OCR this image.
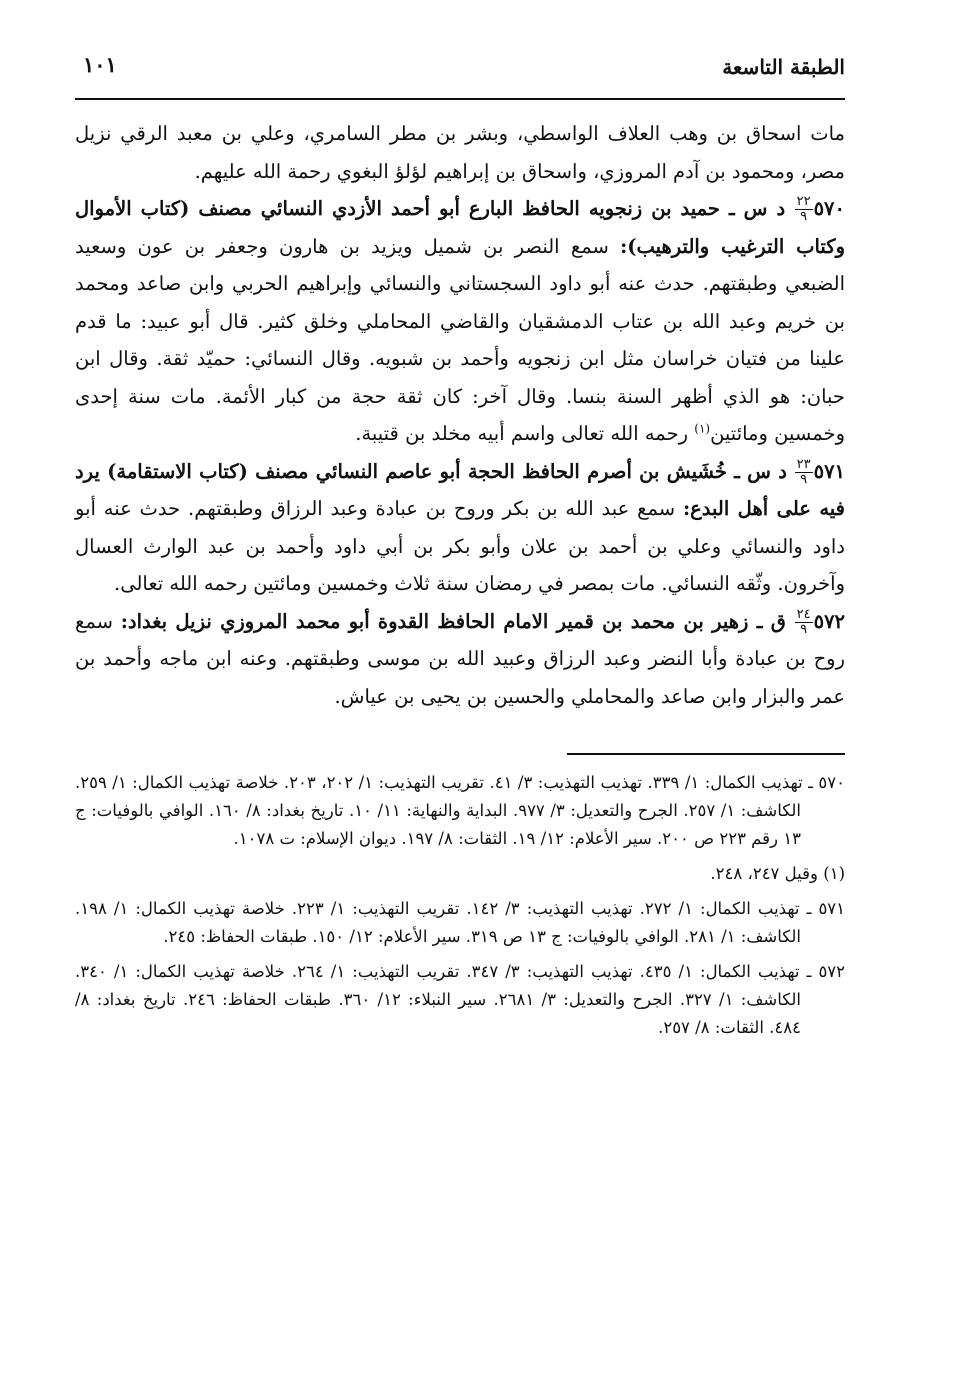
الطبقة التاسعة
١٠١

مات اسحاق بن وهب العلاف الواسطي، وبشر بن مطر السامري، وعلي بن معبد الرقي نزيل مصر، ومحمود بن آدم المروزي، واسحاق بن إبراهيم لؤلؤ البغوي رحمة الله عليهم.

٥٧٠
$\frac{٢٢}{٩}$
د س ـ حميد بن زنجويه الحافظ البارع أبو أحمد الأزدي النسائي مصنف (كتاب الأموال وكتاب الترغيب والترهيب): سمع النصر بن شميل ويزيد بن هارون وجعفر بن عون وسعيد الضبعي وطبقتهم. حدث عنه أبو داود السجستاني والنسائي وإبراهيم الحربي وابن صاعد ومحمد بن خريم وعبد الله بن عتاب الدمشقيان والقاضي المحاملي وخلق كثير. قال أبو عبيد: ما قدم علينا من فتيان خراسان مثل ابن زنجويه وأحمد بن شبويه. وقال النسائي: حميّد ثقة. وقال ابن حبان: هو الذي أظهر السنة بنسا. وقال آخر: كان ثقة حجة من كبار الأئمة. مات سنة إحدى وخمسين ومائتين$^{(١)}$ رحمه الله تعالى واسم أبيه مخلد بن قتيبة.

٥٧١
$\frac{٢٣}{٩}$
د س ـ خُشَيش بن أصرم الحافظ الحجة أبو عاصم النسائي مصنف (كتاب الاستقامة) يرد فيه على أهل البدع: سمع عبد الله بن بكر وروح بن عبادة وعبد الرزاق وطبقتهم. حدث عنه أبو داود والنسائي وعلي بن أحمد بن علان وأبو بكر بن أبي داود وأحمد بن عبد الوارث العسال وآخرون. وثّقه النسائي. مات بمصر في رمضان سنة ثلاث وخمسين ومائتين رحمه الله تعالى.

٥٧٢
$\frac{٢٤}{٩}$
ق ـ زهير بن محمد بن قمير الامام الحافظ القدوة أبو محمد المروزي نزيل بغداد: سمع روح بن عبادة وأبا النضر وعبد الرزاق وعبيد الله بن موسى وطبقتهم. وعنه ابن ماجه وأحمد بن عمر والبزار وابن صاعد والمحاملي والحسين بن يحيى بن عياش.

٥٧٠ ـ تهذيب الكمال: ١/ ٣٣٩. تهذيب التهذيب: ٣/ ٤١. تقريب التهذيب: ١/ ٢٠٢، ٢٠٣. خلاصة تهذيب الكمال: ١/ ٢٥٩. الكاشف: ١/ ٢٥٧. الجرح والتعديل: ٣/ ٩٧٧. البداية والنهاية: ١١/ ١٠. تاريخ بغداد: ٨/ ١٦٠. الوافي بالوفيات: ج ١٣ رقم ٢٢٣ ص ٢٠٠. سير الأعلام: ١٢/ ١٩. الثقات: ٨/ ١٩٧. ديوان الإسلام: ت ١٠٧٨.

(١) وقيل ٢٤٧، ٢٤٨.

٥٧١ ـ تهذيب الكمال: ١/ ٢٧٢. تهذيب التهذيب: ٣/ ١٤٢. تقريب التهذيب: ١/ ٢٢٣. خلاصة تهذيب الكمال: ١/ ١٩٨. الكاشف: ١/ ٢٨١. الوافي بالوفيات: ج ١٣ ص ٣١٩. سير الأعلام: ١٢/ ١٥٠. طبقات الحفاظ: ٢٤٥.

٥٧٢ ـ تهذيب الكمال: ١/ ٤٣٥. تهذيب التهذيب: ٣/ ٣٤٧. تقريب التهذيب: ١/ ٢٦٤. خلاصة تهذيب الكمال: ١/ ٣٤٠. الكاشف: ١/ ٣٢٧. الجرح والتعديل: ٣/ ٢٦٨١. سير النبلاء: ١٢/ ٣٦٠. طبقات الحفاظ: ٢٤٦. تاريخ بغداد: ٨/ ٤٨٤. الثقات: ٨/ ٢٥٧.
